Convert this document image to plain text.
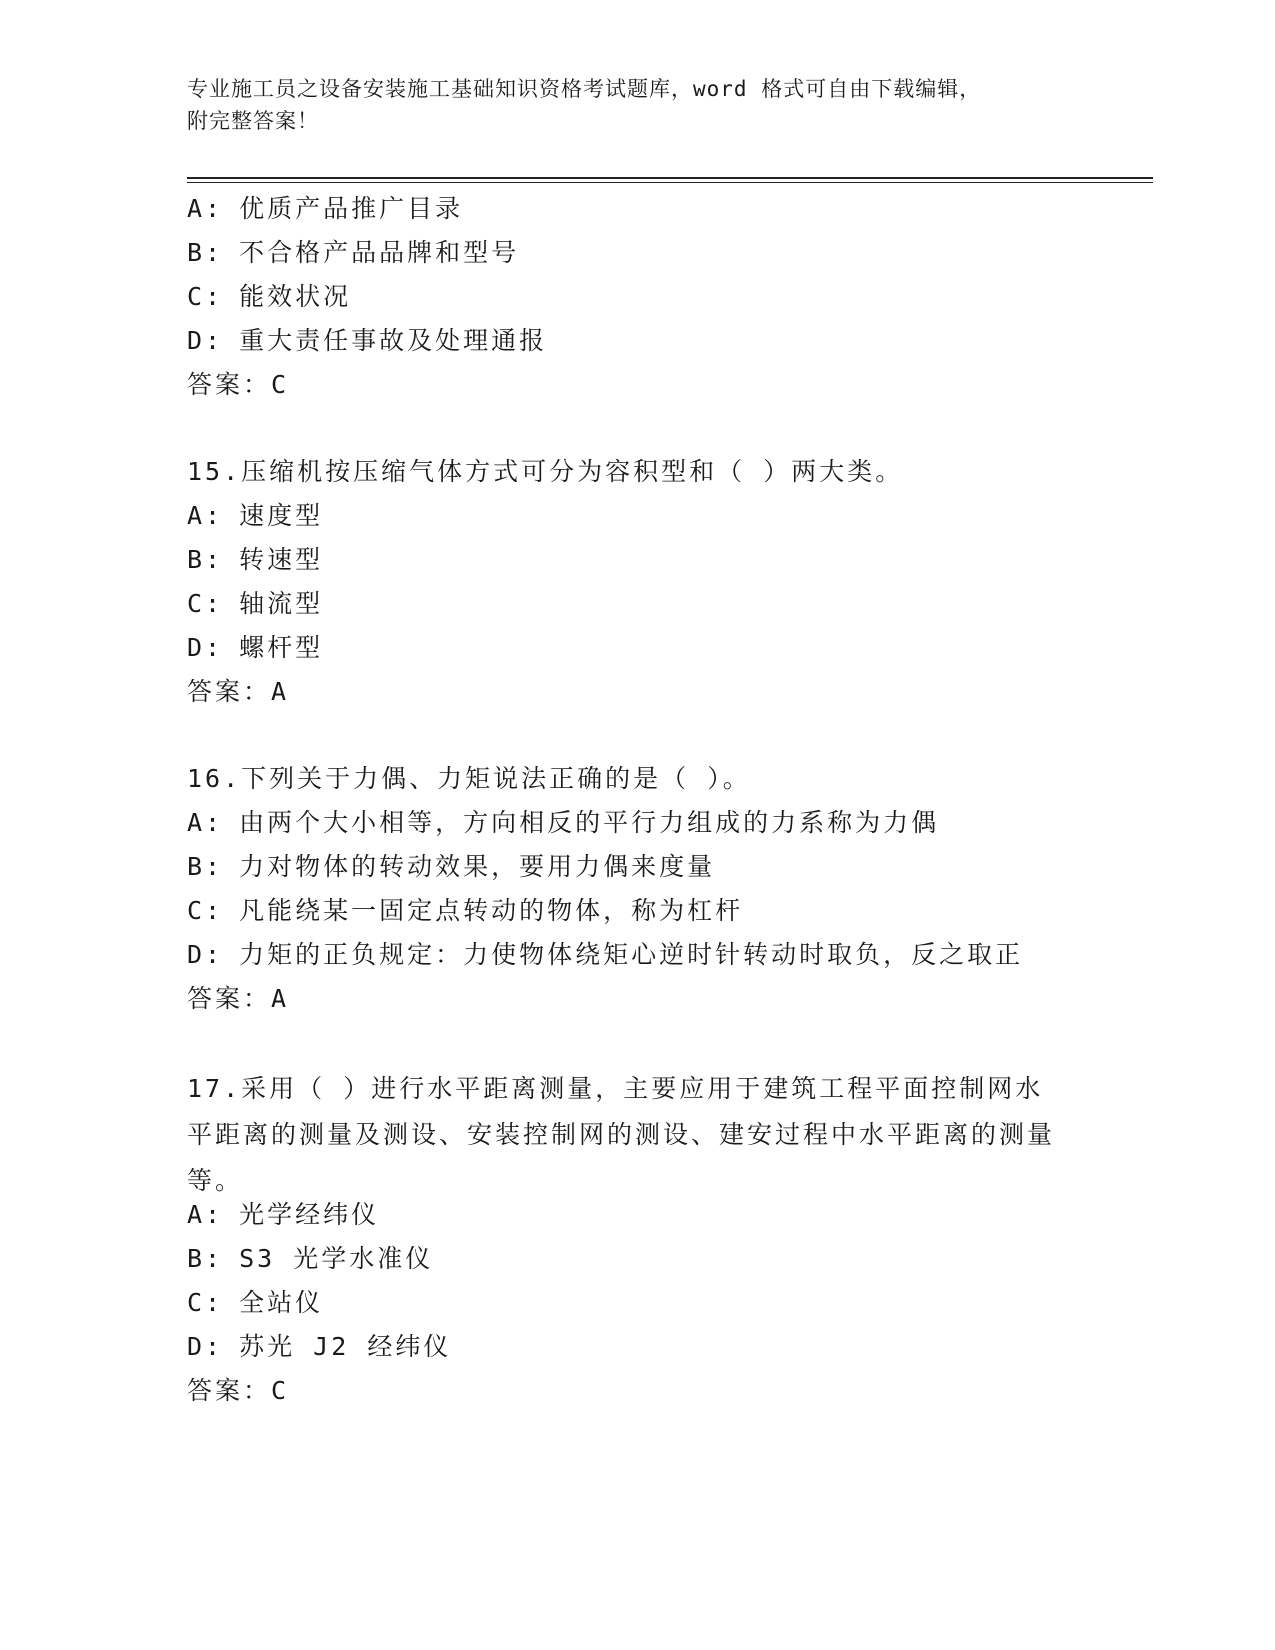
专业施工员之设备安装施工基础知识资格考试题库，word 格式可自由下载编辑，
附完整答案！
A: 优质产品推广目录
B: 不合格产品品牌和型号
C: 能效状况
D: 重大责任事故及处理通报
答案：C
15.压缩机按压缩气体方式可分为容积型和（ ）两大类。
A: 速度型
B: 转速型
C: 轴流型
D: 螺杆型
答案：A
16.下列关于力偶、力矩说法正确的是（ ）。
A: 由两个大小相等，方向相反的平行力组成的力系称为力偶
B: 力对物体的转动效果，要用力偶来度量
C: 凡能绕某一固定点转动的物体，称为杠杆
D: 力矩的正负规定：力使物体绕矩心逆时针转动时取负，反之取正
答案：A
17.采用（ ）进行水平距离测量，主要应用于建筑工程平面控制网水平距离的测量及测设、安装控制网的测设、建安过程中水平距离的测量等。
A: 光学经纬仪
B: S3 光学水准仪
C: 全站仪
D: 苏光 J2 经纬仪
答案：C
